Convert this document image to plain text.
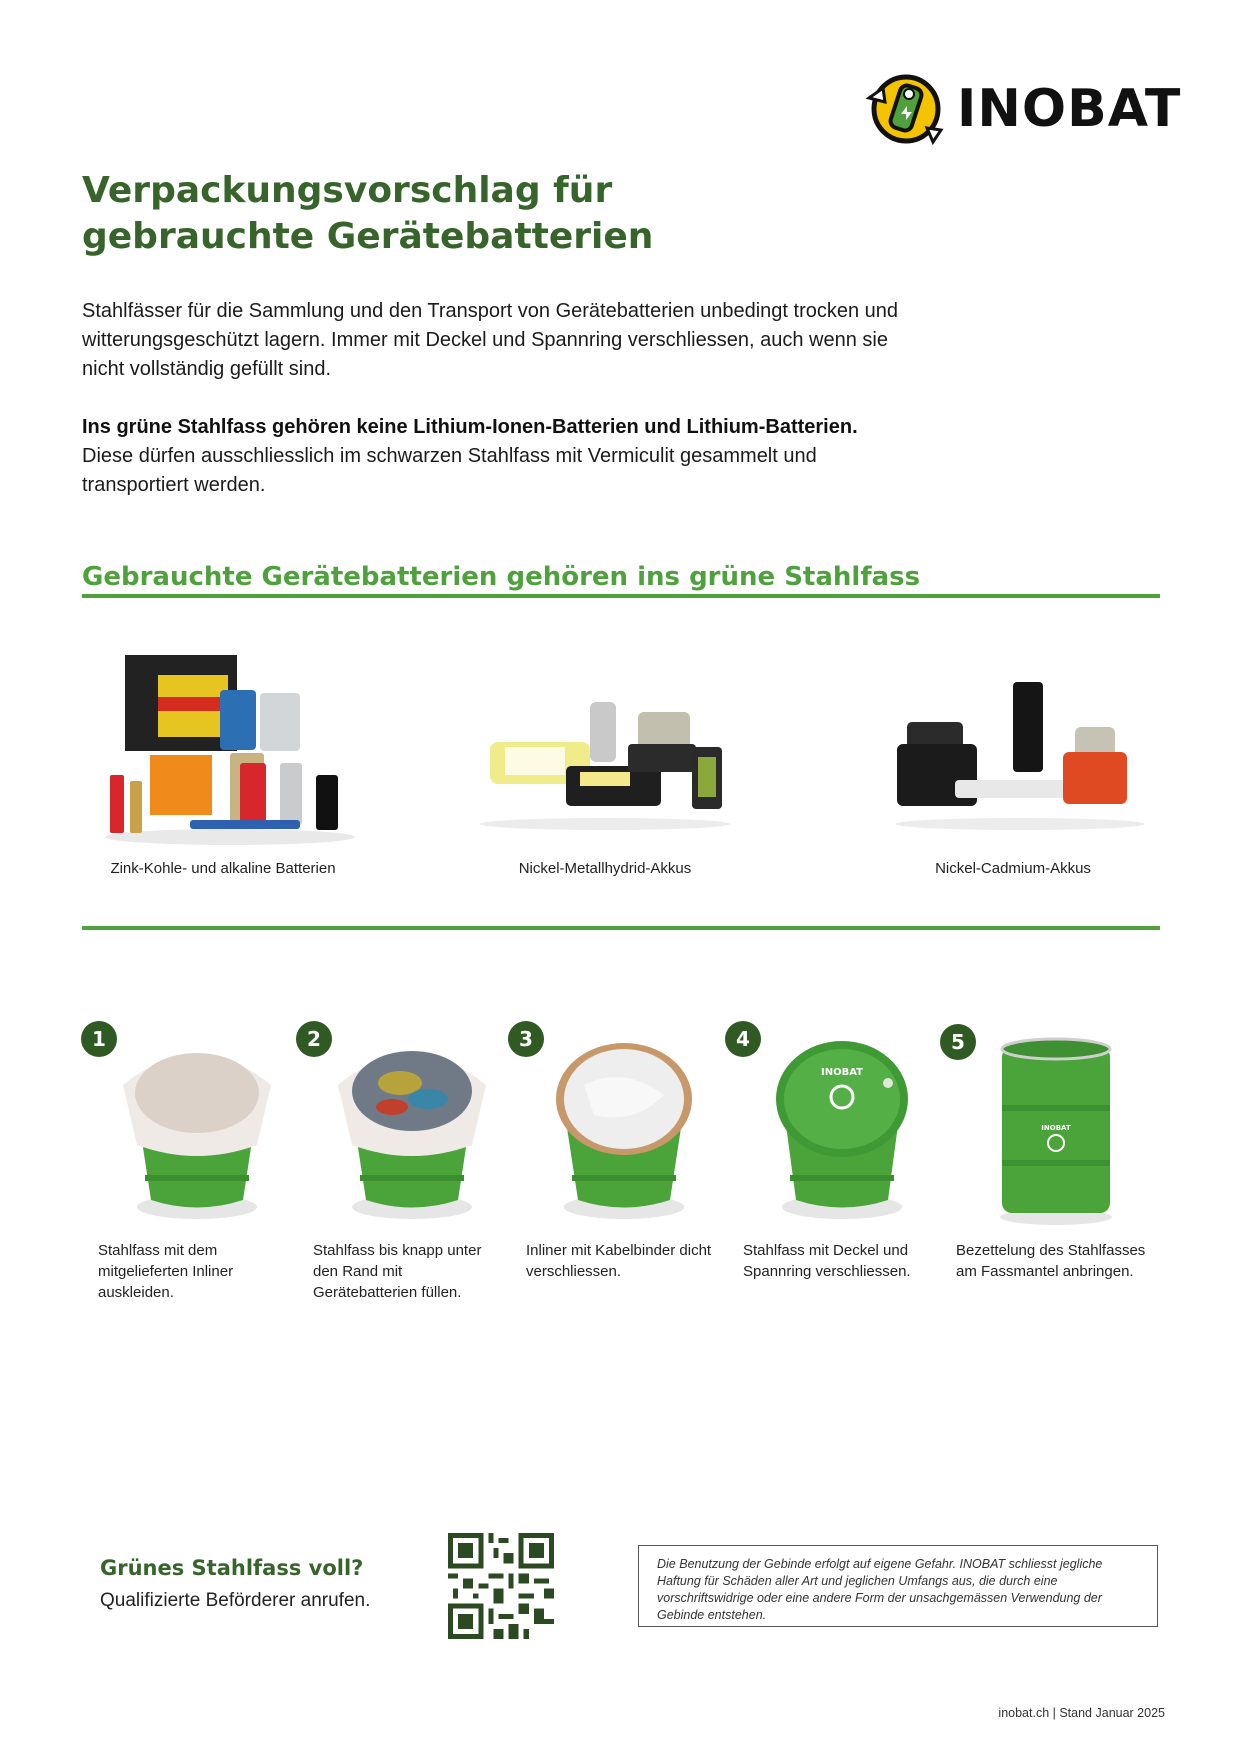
INOBAT
Verpackungsvorschlag für
gebrauchte Gerätebatterien

Stahlfässer für die Sammlung und den Transport von Gerätebatterien unbedingt trocken und witterungsgeschützt lagern. Immer mit Deckel und Spannring verschliessen, auch wenn sie nicht vollständig gefüllt sind.

Ins grüne Stahlfass gehören keine Lithium-Ionen-Batterien und Lithium-Batterien.
Diese dürfen ausschliesslich im schwarzen Stahlfass mit Vermiculit gesammelt und transportiert werden.

Gebrauchte Gerätebatterien gehören ins grüne Stahlfass
Zink-Kohle- und alkaline Batterien	Nickel-Metallhydrid-Akkus	Nickel-Cadmium-Akkus
1

Stahlfass mit dem mitgelieferten Inliner auskleiden.

2

Stahlfass bis knapp unter den Rand mit Gerätebatterien füllen.

3

Inliner mit Kabelbinder dicht verschliessen.

4
INOBAT

Stahlfass mit Deckel und Spannring verschliessen.

5
INOBAT

Bezettelung des Stahlfasses am Fassmantel anbringen.

Grünes Stahlfass voll?

Qualifizierte Beförderer anrufen.

Die Benutzung der Gebinde erfolgt auf eigene Gefahr. INOBAT schliesst jegliche Haftung für Schäden aller Art und jeglichen Umfangs aus, die durch eine vorschriftswidrige oder eine andere Form der unsachgemässen Verwendung der Gebinde entstehen.
inobat.ch | Stand Januar 2025
